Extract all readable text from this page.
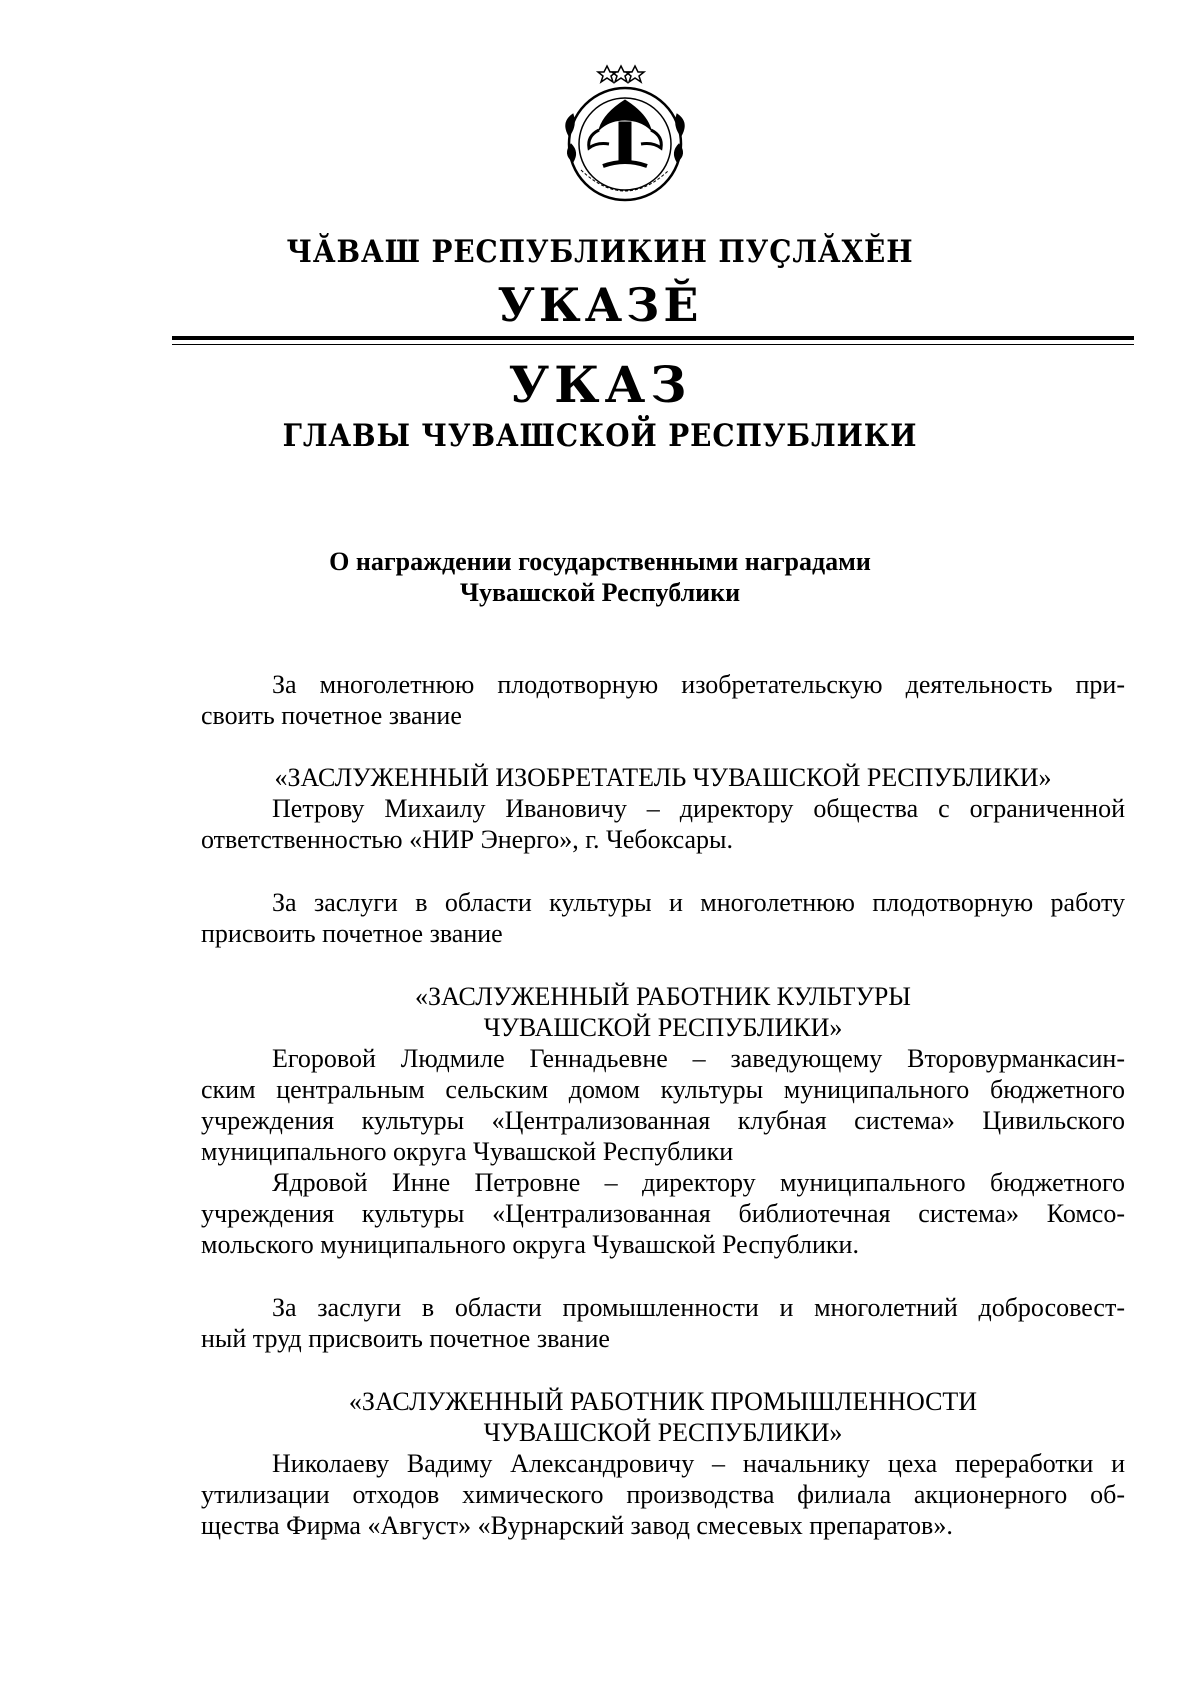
ЧӐВАШ РЕСПУБЛИКИН ПУҪЛӐХӖН
УКАЗӖ
УКАЗ
ГЛАВЫ ЧУВАШСКОЙ РЕСПУБЛИКИ
О награждении государственными наградами
Чувашской Республики
За многолетнюю плодотворную изобретательскую деятельность при-
своить почетное звание
«ЗАСЛУЖЕННЫЙ ИЗОБРЕТАТЕЛЬ ЧУВАШСКОЙ РЕСПУБЛИКИ»
Петрову Михаилу Ивановичу – директору общества с ограниченной
ответственностью «НИР Энерго», г. Чебоксары.
За заслуги в области культуры и многолетнюю плодотворную работу
присвоить почетное звание
«ЗАСЛУЖЕННЫЙ РАБОТНИК КУЛЬТУРЫ
ЧУВАШСКОЙ РЕСПУБЛИКИ»
Егоровой Людмиле Геннадьевне – заведующему Второвурманкасин-
ским центральным сельским домом культуры муниципального бюджетного
учреждения культуры «Централизованная клубная система» Цивильского
муниципального округа Чувашской Республики
Ядровой Инне Петровне – директору муниципального бюджетного
учреждения культуры «Централизованная библиотечная система» Комсо-
мольского муниципального округа Чувашской Республики.
За заслуги в области промышленности и многолетний добросовест-
ный труд присвоить почетное звание
«ЗАСЛУЖЕННЫЙ РАБОТНИК ПРОМЫШЛЕННОСТИ
ЧУВАШСКОЙ РЕСПУБЛИКИ»
Николаеву Вадиму Александровичу – начальнику цеха переработки и
утилизации отходов химического производства филиала акционерного об-
щества Фирма «Август» «Вурнарский завод смесевых препаратов».
